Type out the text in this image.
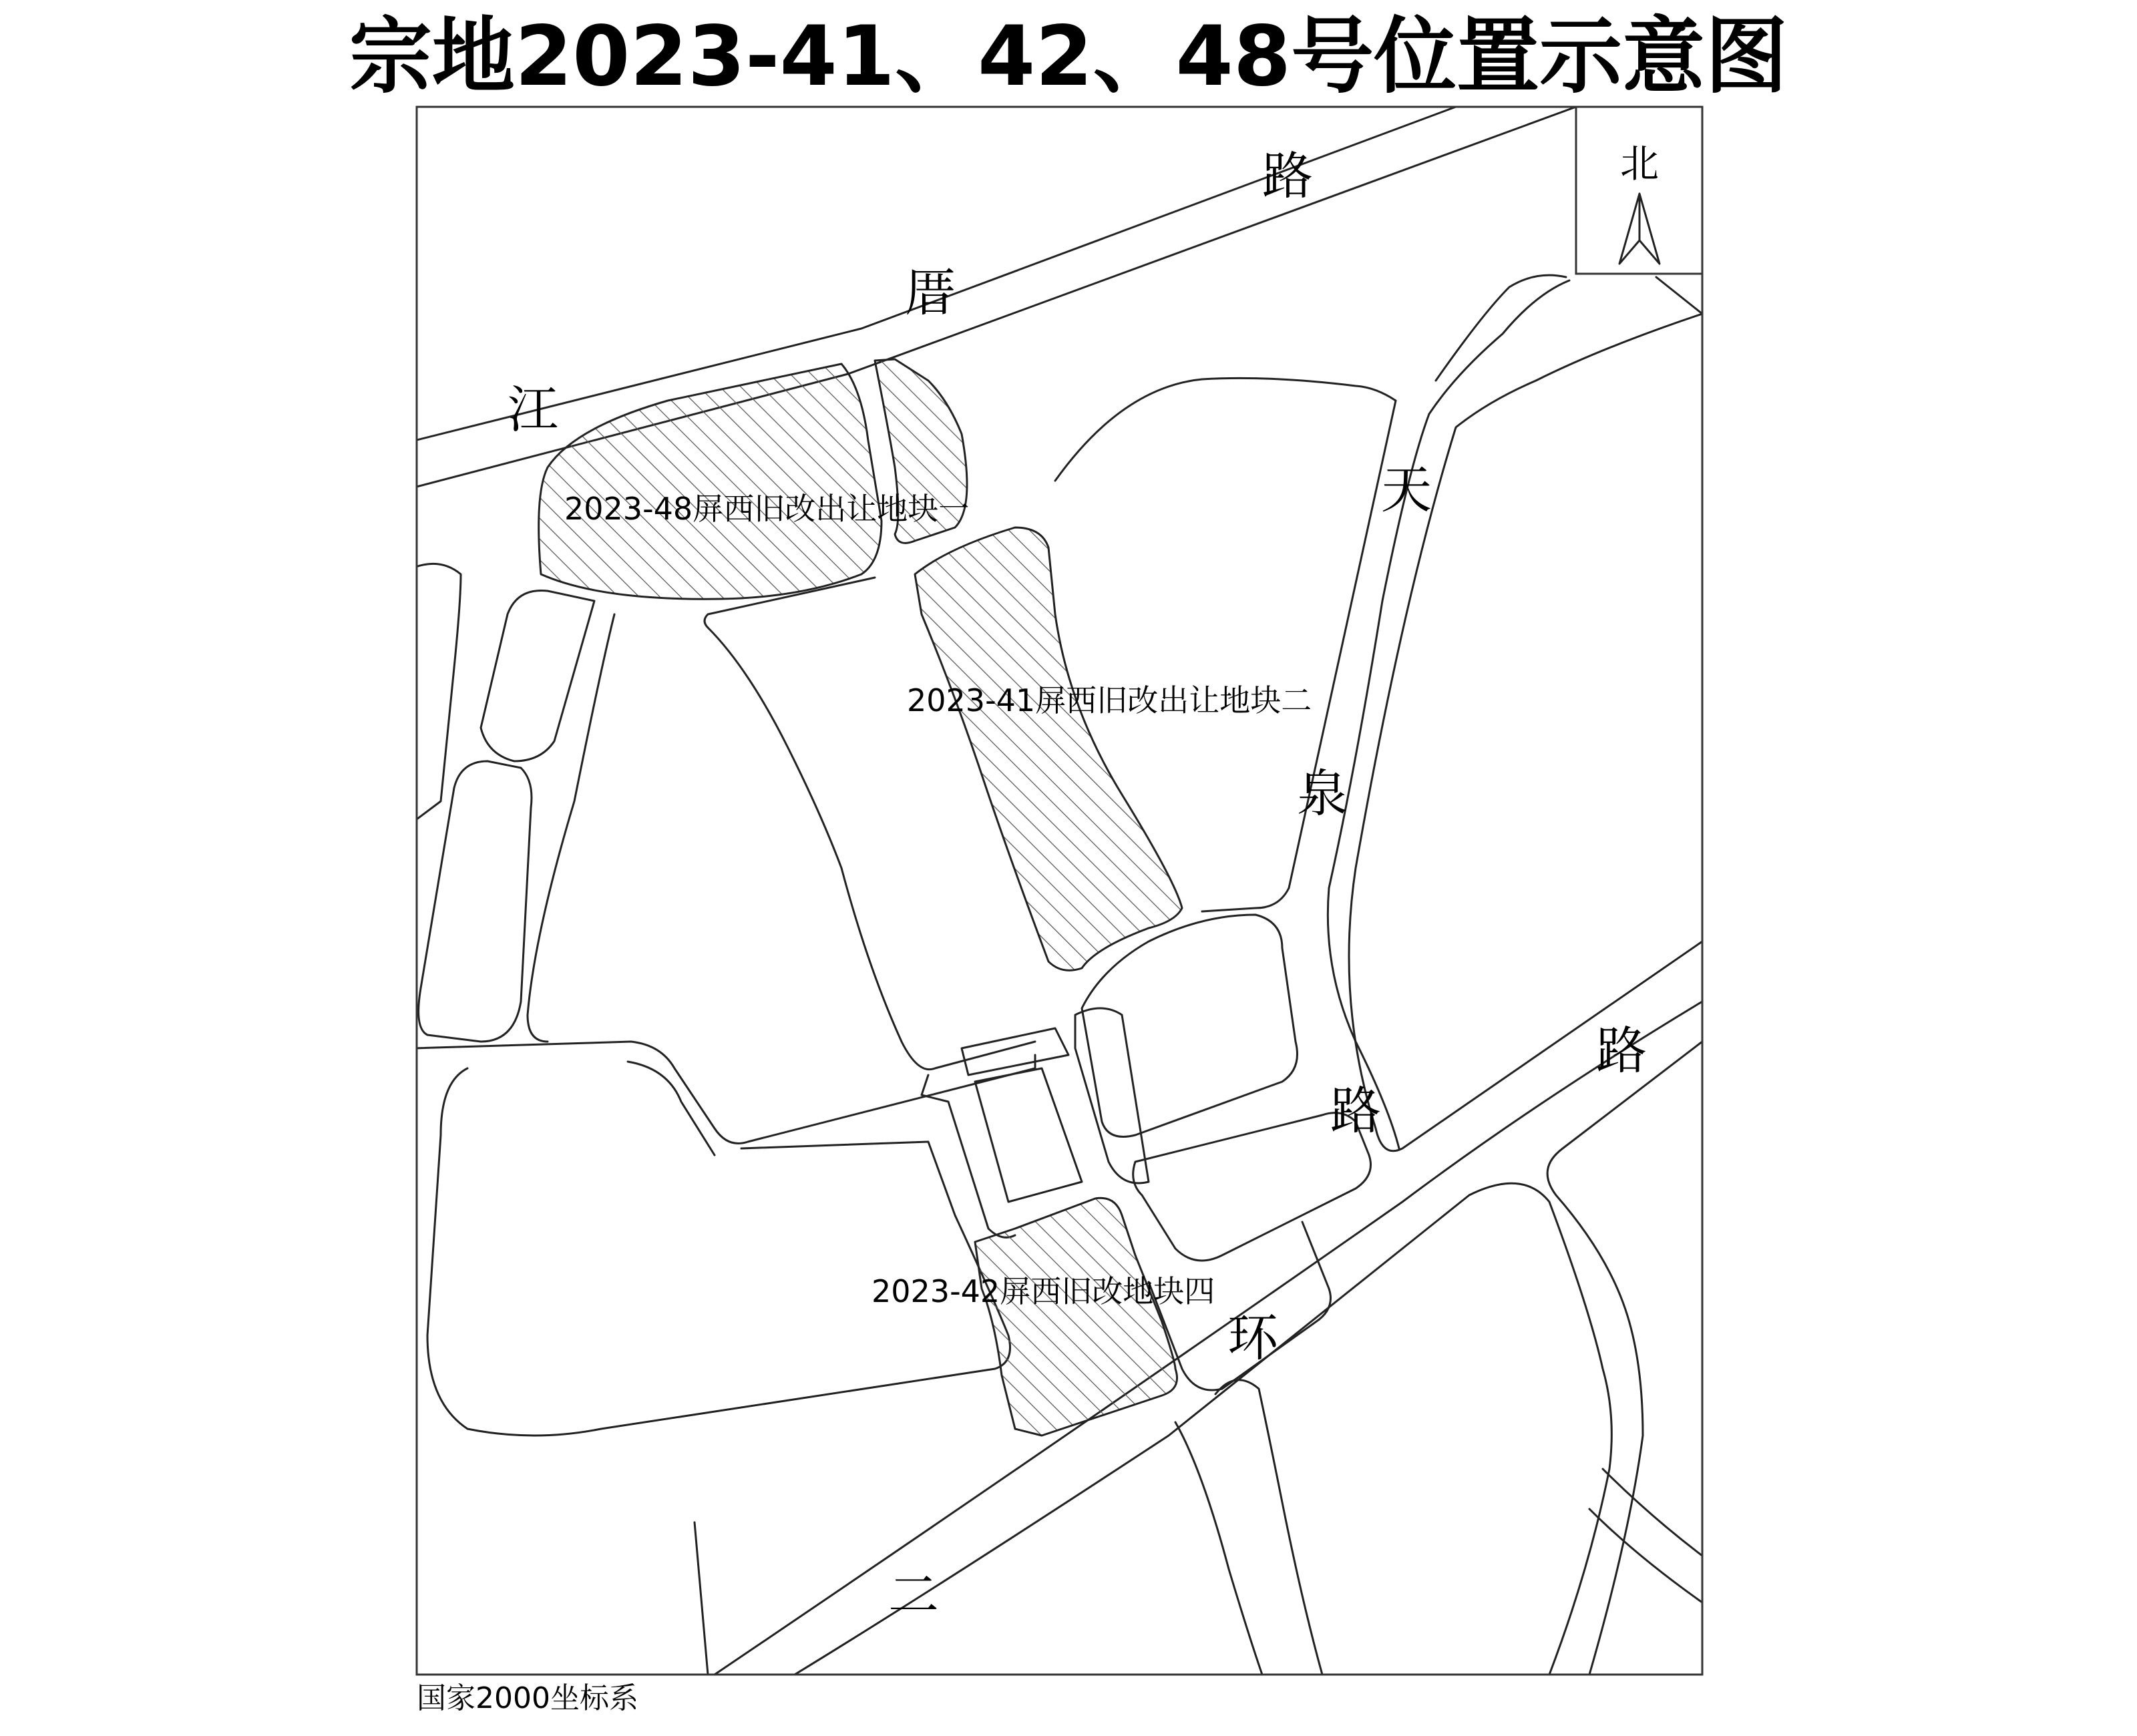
宗地2023-41、42、48号位置示意图
北
江
厝
路
天
泉
路
路
环
二
2023-48屏西旧改出让地块一
2023-41屏西旧改出让地块二
2023-42屏西旧改地块四
国家2000坐标系
